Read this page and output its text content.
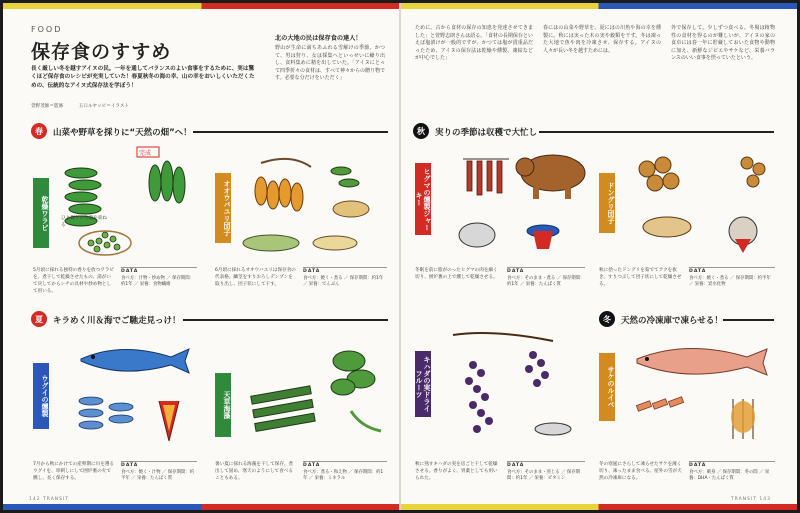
FOOD
保存食のすすめ
長く厳しい冬を越すアイヌの民。一年を通してバランスのよい食事をするために、実は驚くほど保存食のレシピが充実していた！春夏秋冬の海の幸、山の幸をおいしくいただくための、伝統的なアイヌ式保存法を学ぼう！
萱野茂師＝監修	玉口ルヤッピ＝イラスト
北の大地の民は保存食の達人！
野山が生命に満ちあふれる雪解けの季節。かつて、男は狩り、女は採集へといっせいに繰り出し、食料集めに精を出していた。「アイヌにとって四季折々の食材は、すべて神々からの贈り物です。必要な分だけをいただく」
ために、古から食材の保存の知恵を発達させてきました」と萱野志朗さんは語る。「食材の長期保存といえば塩漬けが一般的ですが、かつては塩が貴重品だったため、アイヌの保存法は乾燥や燻製、凍結などが中心でした」
春にはの山菜や野草を、夏にはの川魚や海の幸を燻製に。秋には実った木の実や穀類を干す。冬は凍った大地で魚や肉を冷凍させ、保存する。アイヌの人々が長い冬を越すためには、
外で保存して、少しずつ食べる。冬場は植物性の食材を得るのが難しいが、アイヌの家の食卓には春一年に貯蔵しておいた食物や動物に加え、新鮮なジビエやサケなど、栄養バランスのいい食事を摂っていたという。
春	山菜や野草を採りに“天然の畑”へ！
乾燥ワラビ
完成
ひと握りの分量を束ねる	オオウバユリ団子
5月頃に採れる独特の香りを放つワラビを、煮干しで乾燥させたもの。湯がいて戻してからシチの具材や炒め物として用いる。
DATA
食べ方：汁物・炒め物 ／ 保存期間：約1年 ／ 栄養：食物繊維
6月頃に採れるオオウバユリは保存食の代表格。鱗茎をすりおろしデンプンを取り出し、団子状にして干す。
DATA
食べ方：焼く・煮る ／ 保存期間：約1年 ／ 栄養：でんぷん
夏	キラめく川＆海でご馳走見っけ！
ウグイの燻製	天草海藻
7月から秋にかけての産卵期に川を遡るウグイを、串刺しにして囲炉裏の火で燻し、長く保存する。
DATA
食べ方：焼く・汁物 ／ 保存期間：約半年 ／ 栄養：たんぱく質
暑い夏に採れる海藻を干して保存。煮出して固め、寒天のようにして食べることもある。
DATA
食べ方：煮る・和え物 ／ 保存期間：約1年 ／ 栄養：ミネラル
秋	実りの季節は収穫で大忙し
ヒグマの燻製ジャーキー	ドングリ団子
冬眠を前に脂がのったヒグマの肉を細く切り、囲炉裏の上で燻して乾燥させる。
DATA
食べ方：そのまま・煮る ／ 保存期間：約1年 ／ 栄養：たんぱく質
秋に拾ったドングリを茹でてアクを抜き、すりつぶして団子状にして乾燥させる。
DATA
食べ方：焼く・煮る ／ 保存期間：約半年 ／ 栄養：炭水化物
冬	天然の冷凍庫で凍らせる！
キハダの実ドライフルーツ	サケのルイベ
秋に熟すキハダの実を房ごと干して乾燥させる。香りがよく、胃薬としても用いられた。
DATA
食べ方：そのまま・煎じる ／ 保存期間：約1年 ／ 栄養：ビタミン
冬の寒風にさらして凍らせたサケを薄く切り、凍ったまま食べる。屋外の雪が天然の冷凍庫になる。
DATA
食べ方：刺身 ／ 保存期間：冬の間 ／ 栄養：DHA・たんぱく質
142 TRANSIT	TRANSIT 143
